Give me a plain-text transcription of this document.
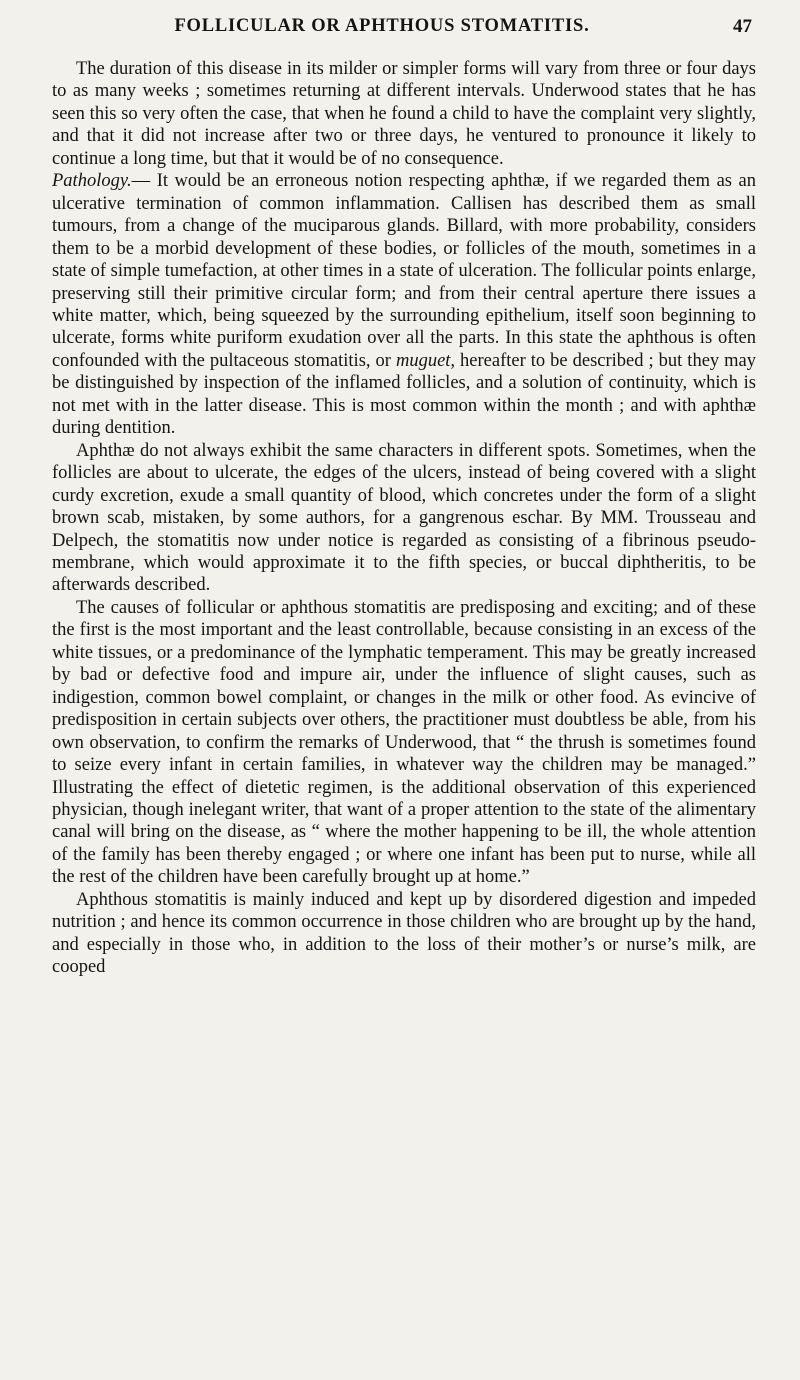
FOLLICULAR OR APHTHOUS STOMATITIS.	47

The duration of this disease in its milder or simpler forms will vary from three or four days to as many weeks ; sometimes returning at different intervals. Underwood states that he has seen this so very often the case, that when he found a child to have the complaint very slightly, and that it did not increase after two or three days, he ventured to pronounce it likely to continue a long time, but that it would be of no consequence.

Pathology.— It would be an erroneous notion respecting aphthæ, if we regarded them as an ulcerative termination of common inflammation. Callisen has described them as small tumours, from a change of the muciparous glands. Billard, with more probability, considers them to be a morbid development of these bodies, or follicles of the mouth, sometimes in a state of simple tumefaction, at other times in a state of ulceration. The follicular points enlarge, preserving still their primitive circular form; and from their central aperture there issues a white matter, which, being squeezed by the surrounding epithelium, itself soon beginning to ulcerate, forms white puriform exudation over all the parts. In this state the aphthous is often confounded with the pultaceous stomatitis, or muguet, hereafter to be described ; but they may be distinguished by inspection of the inflamed follicles, and a solution of continuity, which is not met with in the latter disease. This is most common within the month ; and with aphthæ during dentition.

Aphthæ do not always exhibit the same characters in different spots. Sometimes, when the follicles are about to ulcerate, the edges of the ulcers, instead of being covered with a slight curdy excretion, exude a small quantity of blood, which concretes under the form of a slight brown scab, mistaken, by some authors, for a gangrenous eschar. By MM. Trousseau and Delpech, the stomatitis now under notice is regarded as consisting of a fibrinous pseudo-membrane, which would approximate it to the fifth species, or buccal diphtheritis, to be afterwards described.

The causes of follicular or aphthous stomatitis are predisposing and exciting; and of these the first is the most important and the least controllable, because consisting in an excess of the white tissues, or a predominance of the lymphatic temperament. This may be greatly increased by bad or defective food and impure air, under the influence of slight causes, such as indigestion, common bowel complaint, or changes in the milk or other food. As evincive of predisposition in certain subjects over others, the practitioner must doubtless be able, from his own observation, to confirm the remarks of Underwood, that “ the thrush is sometimes found to seize every infant in certain families, in whatever way the children may be managed.” Illustrating the effect of dietetic regimen, is the additional observation of this experienced physician, though inelegant writer, that want of a proper attention to the state of the alimentary canal will bring on the disease, as “ where the mother happening to be ill, the whole attention of the family has been thereby engaged ; or where one infant has been put to nurse, while all the rest of the children have been carefully brought up at home.”

Aphthous stomatitis is mainly induced and kept up by disordered digestion and impeded nutrition ; and hence its common occurrence in those children who are brought up by the hand, and especially in those who, in addition to the loss of their mother’s or nurse’s milk, are cooped
